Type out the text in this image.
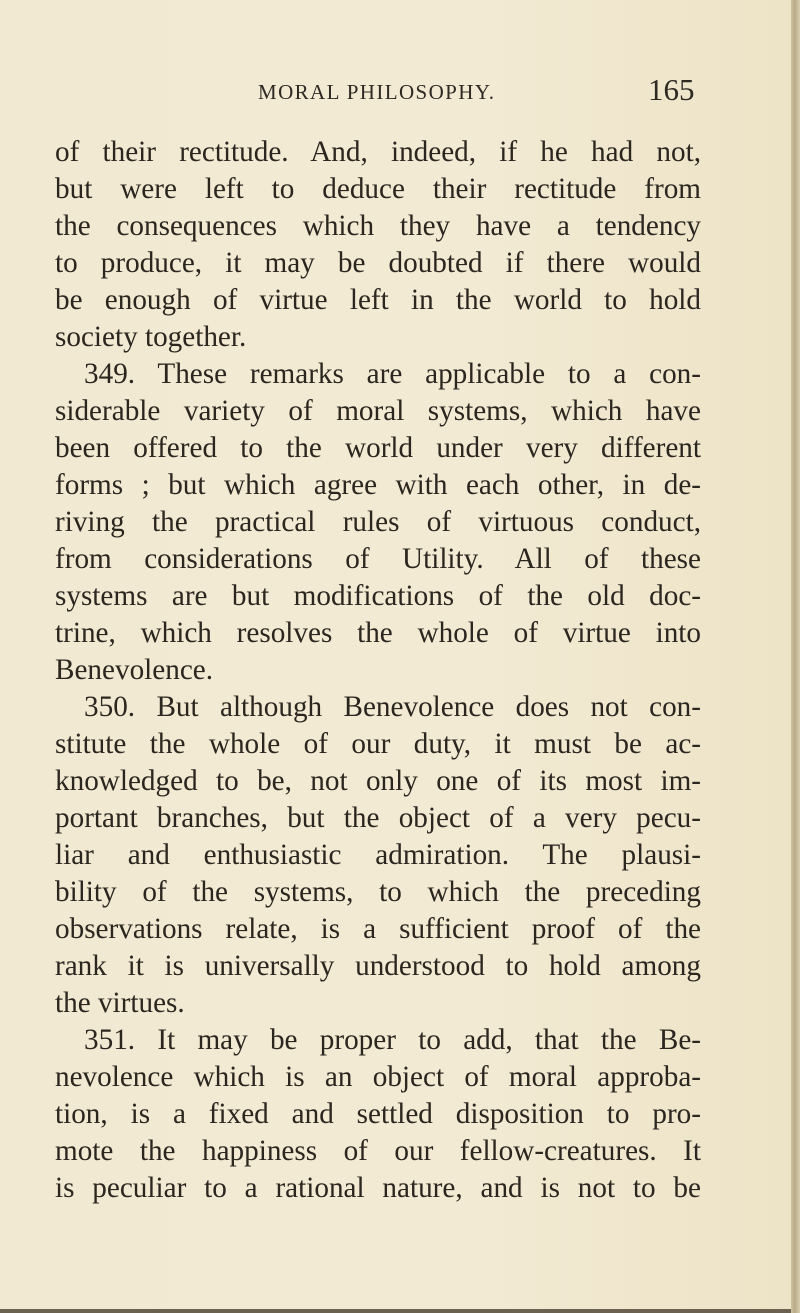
MORAL PHILOSOPHY.	165
of their rectitude. And, indeed, if he had not,
but were left to deduce their rectitude from
the consequences which they have a tendency
to produce, it may be doubted if there would
be enough of virtue left in the world to hold
society together.
349. These remarks are applicable to a con-
siderable variety of moral systems, which have
been offered to the world under very different
forms ; but which agree with each other, in de-
riving the practical rules of virtuous conduct,
from considerations of Utility. All of these
systems are but modifications of the old doc-
trine, which resolves the whole of virtue into
Benevolence.
350. But although Benevolence does not con-
stitute the whole of our duty, it must be ac-
knowledged to be, not only one of its most im-
portant branches, but the object of a very pecu-
liar and enthusiastic admiration. The plausi-
bility of the systems, to which the preceding
observations relate, is a sufficient proof of the
rank it is universally understood to hold among
the virtues.
351. It may be proper to add, that the Be-
nevolence which is an object of moral approba-
tion, is a fixed and settled disposition to pro-
mote the happiness of our fellow-creatures. It
is peculiar to a rational nature, and is not to be
